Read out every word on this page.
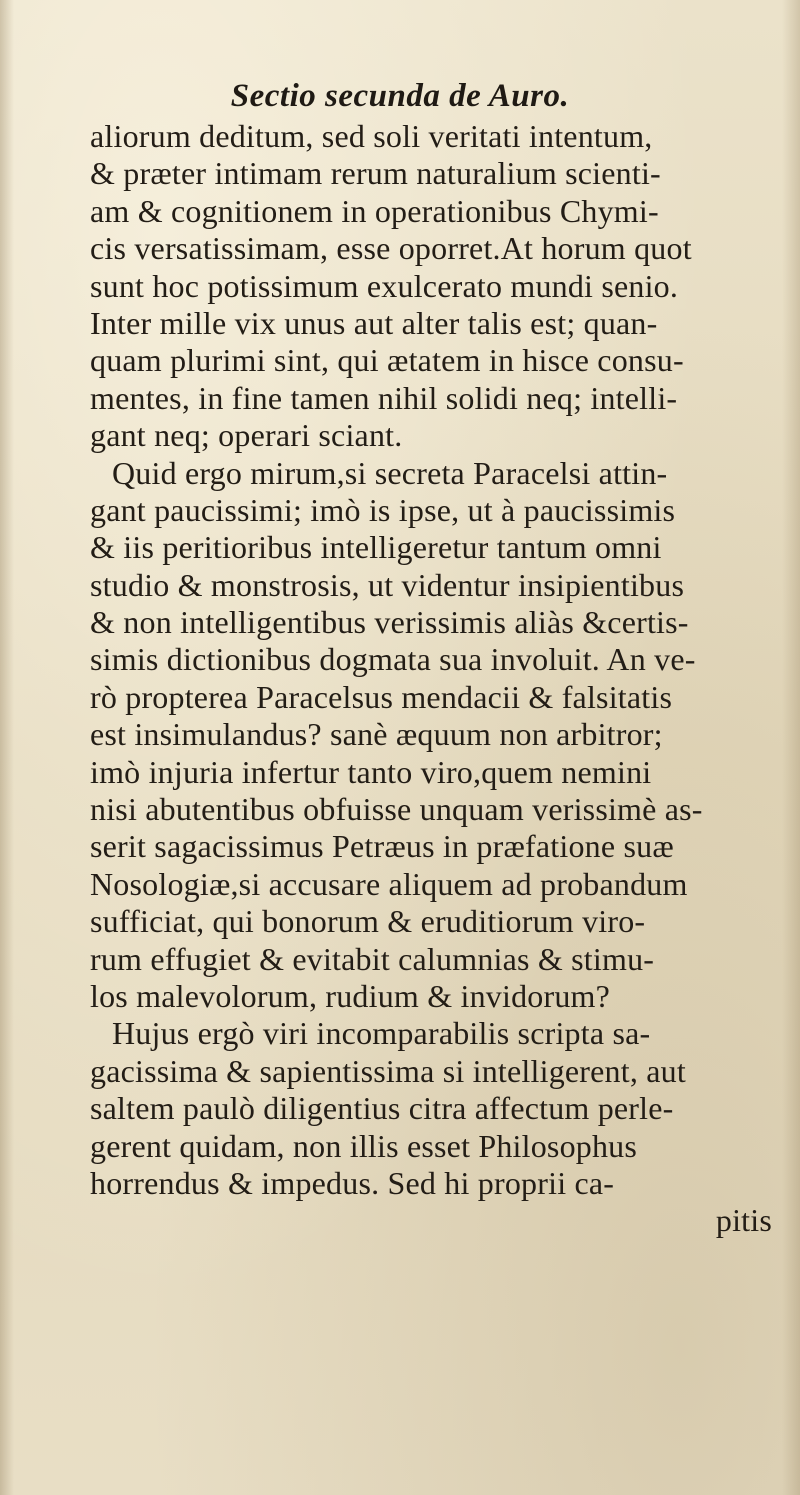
Sectio secunda de Auro.
aliorum deditum, sed soli veritati intentum,
& præter intimam rerum naturalium scienti-
am & cognitionem in operationibus Chymi-
cis versatissimam, esse oporret.At horum quot
sunt hoc potissimum exulcerato mundi senio.
Inter mille vix unus aut alter talis est; quan-
quam plurimi sint, qui ætatem in hisce consu-
mentes, in fine tamen nihil solidi neq; intelli-
gant neq; operari sciant.
Quid ergo mirum,si secreta Paracelsi attin-
gant paucissimi; imò is ipse, ut à paucissimis
& iis peritioribus intelligeretur tantum omni
studio & monstrosis, ut videntur insipientibus
& non intelligentibus verissimis aliàs &certis-
simis dictionibus dogmata sua involuit. An ve-
rò propterea Paracelsus mendacii & falsitatis
est insimulandus? sanè æquum non arbitror;
imò injuria infertur tanto viro,quem nemini
nisi abutentibus obfuisse unquam verissimè as-
serit sagacissimus Petræus in præfatione suæ
Nosologiæ,si accusare aliquem ad probandum
sufficiat, qui bonorum & eruditiorum viro-
rum effugiet & evitabit calumnias & stimu-
los malevolorum, rudium & invidorum?
Hujus ergò viri incomparabilis scripta sa-
gacissima & sapientissima si intelligerent, aut
saltem paulò diligentius citra affectum perle-
gerent quidam, non illis esset Philosophus
horrendus & impedus. Sed hi proprii ca-
pitis
